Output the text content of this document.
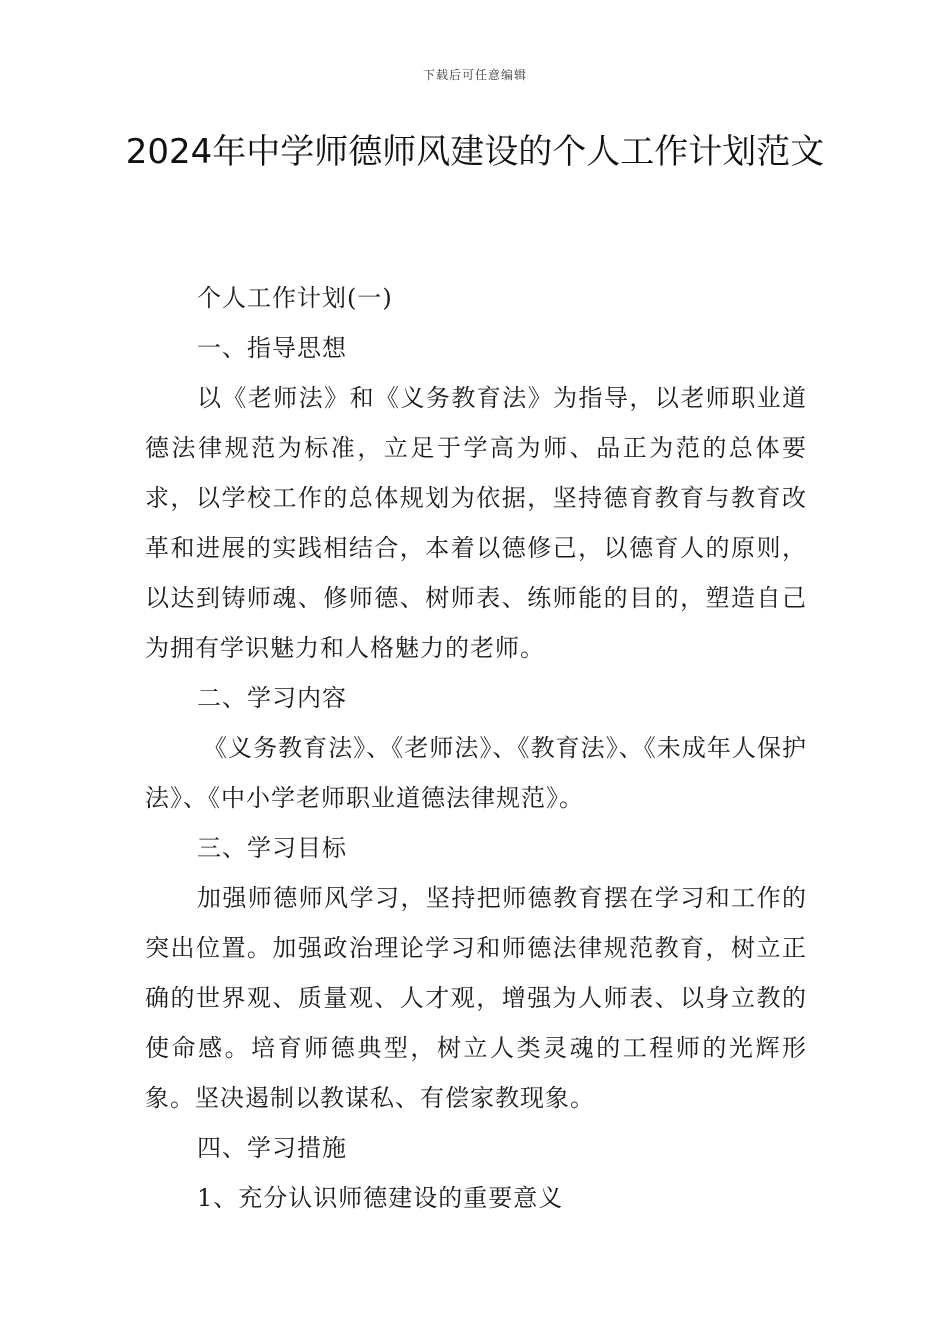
下载后可任意编辑
2024年中学师德师风建设的个人工作计划范文

个人工作计划(一)

一、指导思想

以《老师法》和《义务教育法》为指导，以老师职业道德法律规范为标准，立足于学高为师、品正为范的总体要求，以学校工作的总体规划为依据，坚持德育教育与教育改革和进展的实践相结合，本着以德修己，以德育人的原则，以达到铸师魂、修师德、树师表、练师能的目的，塑造自己为拥有学识魅力和人格魅力的老师。

二、学习内容

《义务教育法》、《老师法》、《教育法》、《未成年人保护法》、《中小学老师职业道德法律规范》。

三、学习目标

加强师德师风学习，坚持把师德教育摆在学习和工作的突出位置。加强政治理论学习和师德法律规范教育，树立正确的世界观、质量观、人才观，增强为人师表、以身立教的使命感。培育师德典型，树立人类灵魂的工程师的光辉形象。坚决遏制以教谋私、有偿家教现象。

四、学习措施

1、充分认识师德建设的重要意义
